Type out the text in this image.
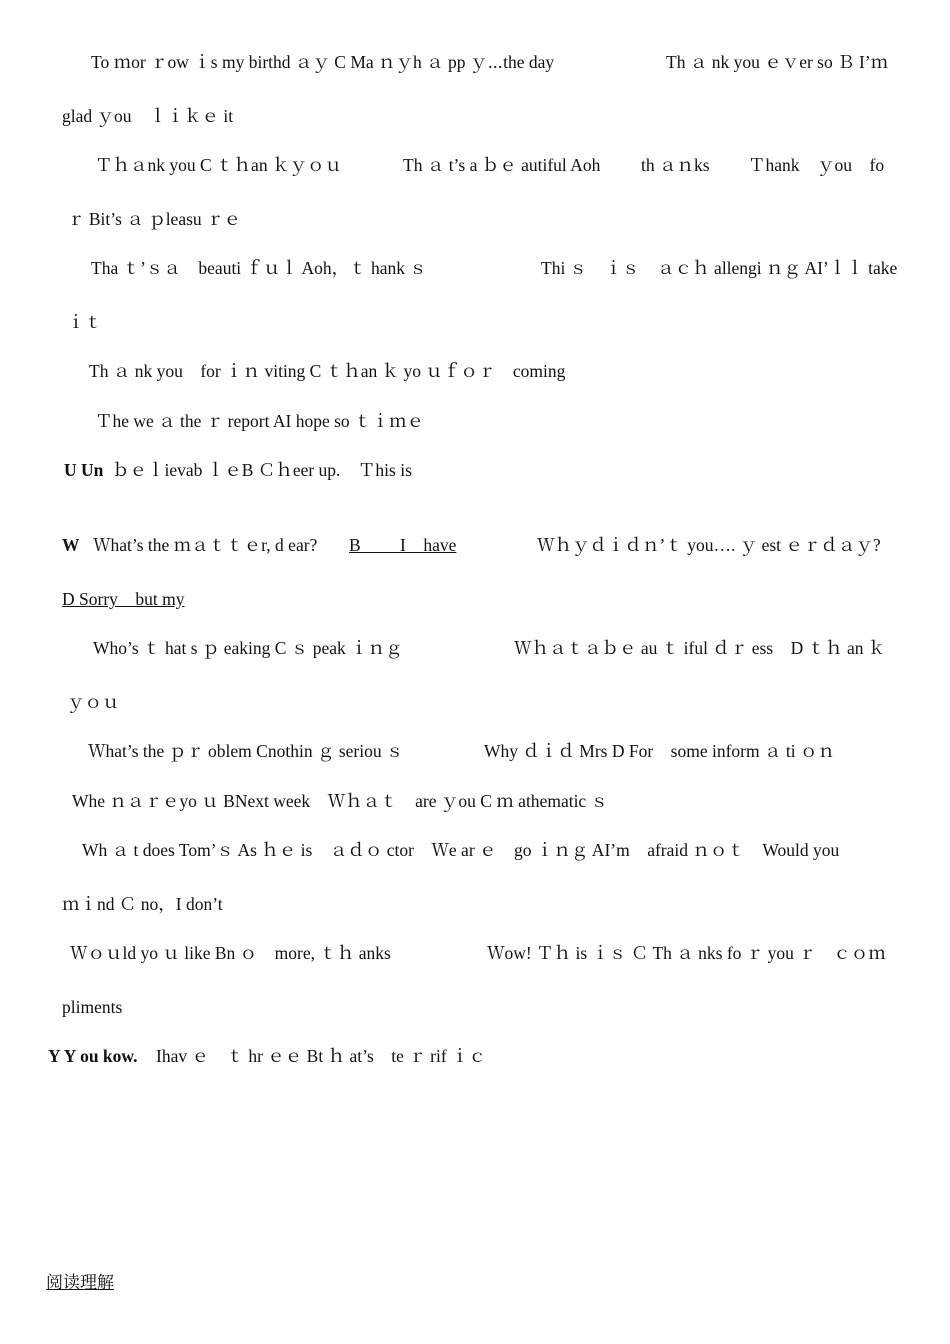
To ｍor ｒow ｉs my birthd ａｙ C Ma ｎｙh ａ pp ｙ⋯the day	Th ａ nk you ｅｖer so Ｂ I’ｍ
glad ｙou　ｌｉｋｅ it
Ｔｈａnk you C ｔｈan ｋｙｏｕ	Th ａ t’s a ｂｅ autiful Aoh th ａｎks Ｔhank　ｙou　fo
ｒ Bit’s ａ ｐleasu ｒｅ
Tha ｔ’ｓａ　beauti ｆｕｌ Aoh，ｔ hank ｓ	Thi ｓ　ｉｓ　ａｃｈ allengi ｎｇ AI’ｌｌ take
ｉｔ
Th ａ nk you　for ｉｎ viting C ｔｈan ｋ yo ｕｆｏｒ　coming
Ｔhe we ａ the ｒ report AI hope so ｔｉｍｅ
U Un ｂｅｌievab ｌｅB Ｃｈeer up.　Ｔhis is
W Ｗhat’s the ｍａｔｔｅr, d ear? B　　 I　have	Ｗｈｙｄｉｄｎ’ｔ you…. ｙ est ｅｒｄａｙ?
D Sorry　but my
Who’s ｔ hat s ｐ eaking C ｓ peak ｉｎｇ	Ｗｈａｔａｂｅ au ｔ iful ｄｒ ess　D ｔｈ an ｋ
ｙｏｕ
Ｗhat’s the ｐｒ oblem Cnothin ｇ seriou ｓ	Why ｄｉｄ Mrs D For　some inform ａ ti ｏｎ
Whe ｎａｒｅyo ｕ BNext week　Ｗｈａｔ　are ｙou C ｍ athematic ｓ
Wh ａ t does Tom’ｓ As ｈｅ is　ａｄｏ ctor　Ｗe ar ｅ　go ｉｎｇ AI’m　afraid ｎｏｔ　Would you
ｍｉnd Ｃ no，I don’t
Ｗｏｕld yo ｕ like Bn ｏ　more, ｔｈ anks	Ｗow! Ｔｈ is ｉｓ Ｃ Th ａ nks fo ｒ you ｒ　ｃｏｍ
pliments
Y Y ou kow. Ihav ｅ　ｔ hr ｅｅ Bt ｈ at’s　te ｒ rif ｉｃ
阅读理解
